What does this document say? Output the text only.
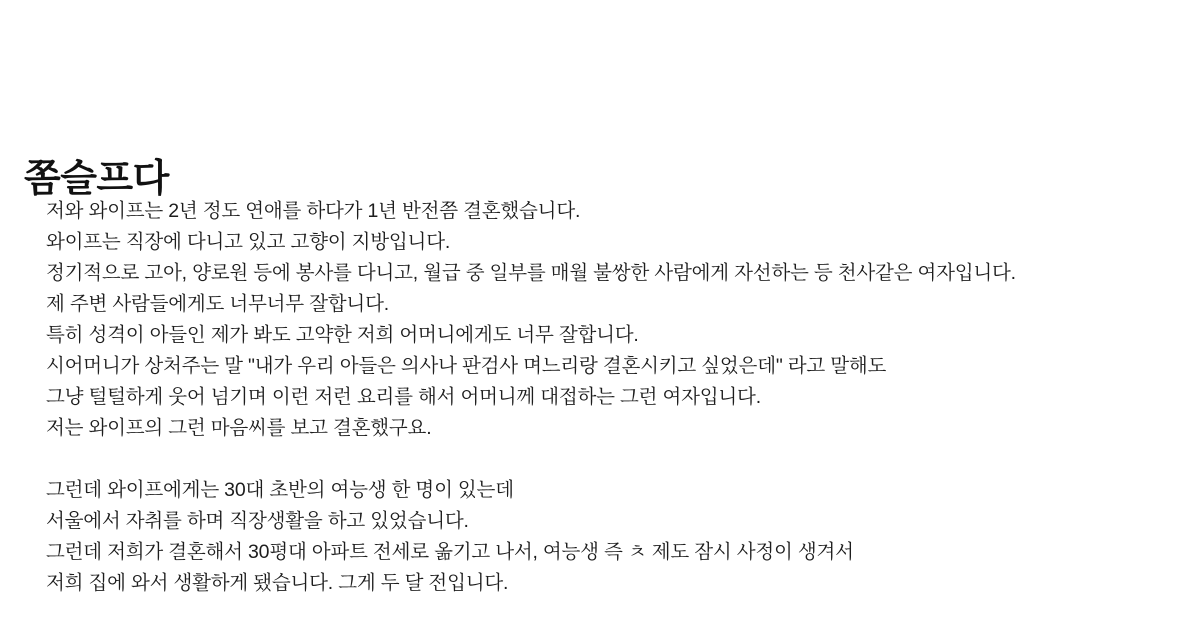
쫌슬프다
저와 와이프는 2년 정도 연애를 하다가 1년 반전쯤 결혼했습니다.
와이프는 직장에 다니고 있고 고향이 지방입니다.
정기적으로 고아, 양로원 등에 봉사를 다니고, 월급 중 일부를 매월 불쌍한 사람에게 자선하는 등 천사같은 여자입니다.
제 주변 사람들에게도 너무너무 잘합니다.
특히 성격이 아들인 제가 봐도 고약한 저희 어머니에게도 너무 잘합니다.
시어머니가 상처주는 말 "내가 우리 아들은 의사나 판검사 며느리랑 결혼시키고 싶었은데" 라고 말해도
그냥 털털하게 웃어 넘기며 이런 저런 요리를 해서 어머니께 대접하는 그런 여자입니다.
저는 와이프의 그런 마음씨를 보고 결혼했구요.
그런데 와이프에게는 30대 초반의 여능생 한 명이 있는데
서울에서 자취를 하며 직장생활을 하고 있었습니다.
그런데 저희가 결혼해서 30평대 아파트 전세로 옮기고 나서, 여능생 즉 ㅊ 제도 잠시 사정이 생겨서
저희 집에 와서 생활하게 됐습니다. 그게 두 달 전입니다.
